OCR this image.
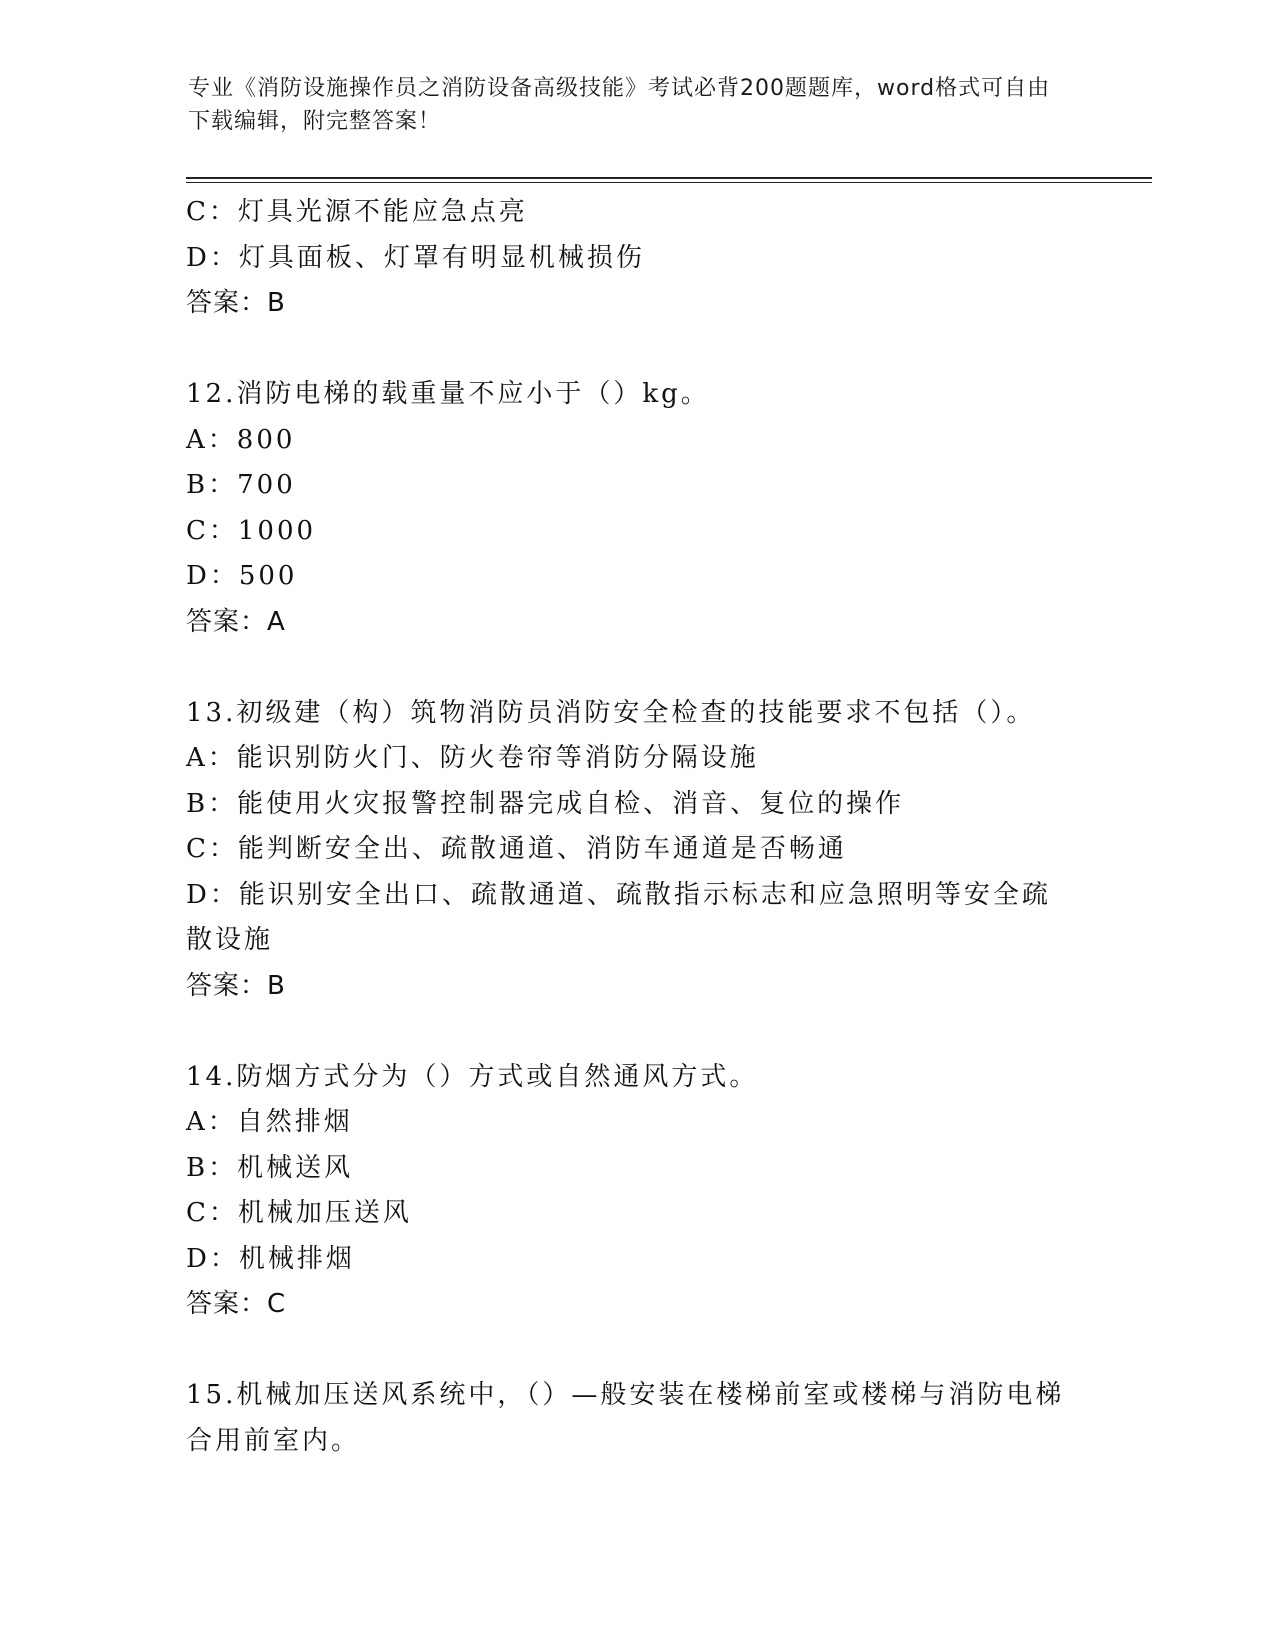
专业《消防设施操作员之消防设备高级技能》考试必背200题题库，word格式可自由下载编辑，附完整答案！
C：灯具光源不能应急点亮
D：灯具面板、灯罩有明显机械损伤
答案：B
12.消防电梯的载重量不应小于（）kg。
A：800
B：700
C：1000
D：500
答案：A
13.初级建（构）筑物消防员消防安全检查的技能要求不包括（）。
A：能识别防火门、防火卷帘等消防分隔设施
B：能使用火灾报警控制器完成自检、消音、复位的操作
C：能判断安全出、疏散通道、消防车通道是否畅通
D：能识别安全出口、疏散通道、疏散指示标志和应急照明等安全疏散设施
答案：B
14.防烟方式分为（）方式或自然通风方式。
A：自然排烟
B：机械送风
C：机械加压送风
D：机械排烟
答案：C
15.机械加压送风系统中，（）—般安装在楼梯前室或楼梯与消防电梯合用前室内。
